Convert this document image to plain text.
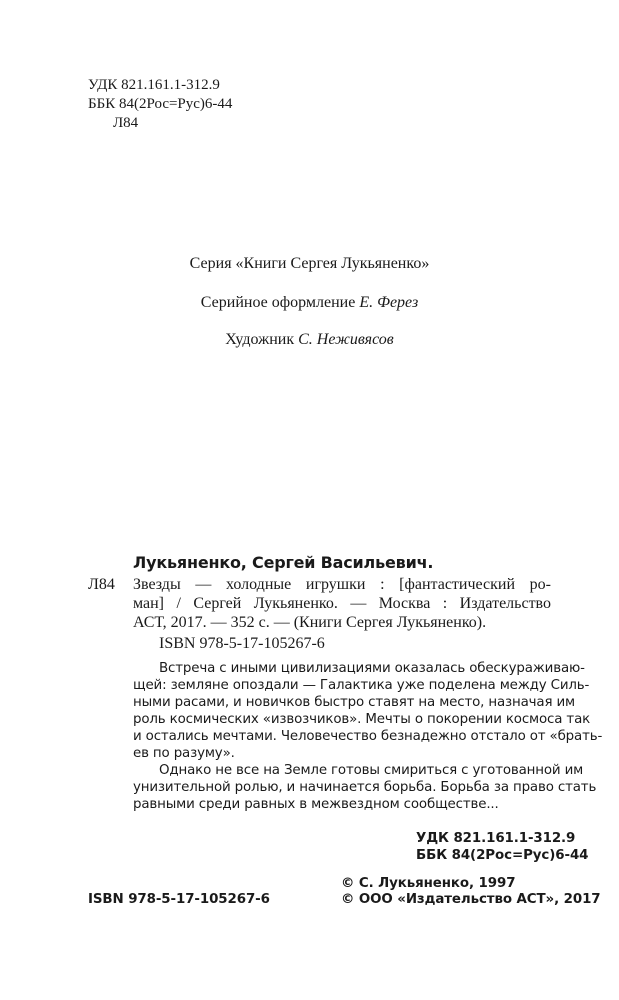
УДК 821.161.1-312.9
ББК 84(2Рос=Рус)6-44
Л84
Серия «Книги Сергея Лукьяненко»
Серийное оформление Е. Ферез
Художник С. Неживясов
Лукьяненко, Сергей Васильевич.
Л84 Звезды — холодные игрушки : [фантастический ро-
ман] / Сергей Лукьяненко. — Москва : Издательство
АСТ, 2017. — 352 с. — (Книги Сергея Лукьяненко).
ISBN 978-5-17-105267-6
Встреча с иными цивилизациями оказалась обескураживаю-
щей: земляне опоздали — Галактика уже поделена между Силь-
ными расами, и новичков быстро ставят на место, назначая им
роль космических «извозчиков». Мечты о покорении космоса так
и остались мечтами. Человечество безнадежно отстало от «брать-
ев по разуму».
Однако не все на Земле готовы смириться с уготованной им
унизительной ролью, и начинается борьба. Борьба за право стать
равными среди равных в межвездном сообществе...
УДК 821.161.1-312.9
ББК 84(2Рос=Рус)6-44
ISBN 978-5-17-105267-6
© С. Лукьяненко, 1997
© ООО «Издательство АСТ», 2017
